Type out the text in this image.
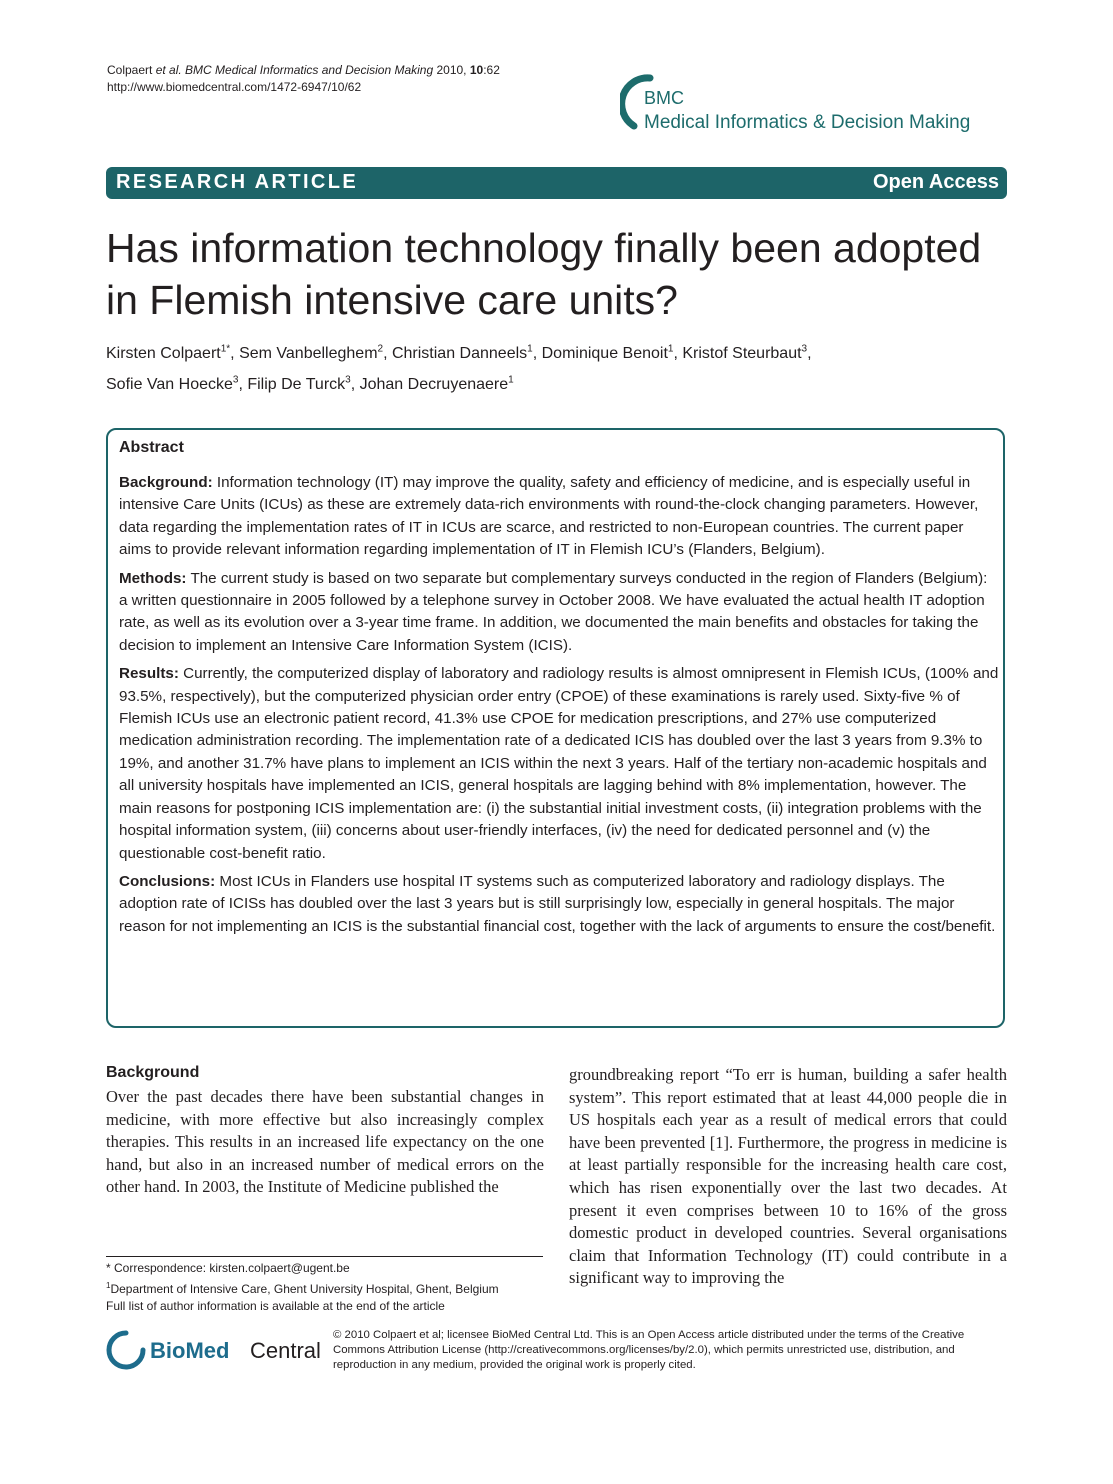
Colpaert et al. BMC Medical Informatics and Decision Making 2010, 10:62
http://www.biomedcentral.com/1472-6947/10/62
BMC
Medical Informatics & Decision Making
RESEARCH ARTICLE	Open Access
Has information technology finally been adopted
in Flemish intensive care units?
Kirsten Colpaert$^{1*}$, Sem Vanbelleghem$^2$, Christian Danneels$^1$, Dominique Benoit$^1$, Kristof Steurbaut$^3$,
Sofie Van Hoecke$^3$, Filip De Turck$^3$, Johan Decruyenaere$^1$
Abstract

Background: Information technology (IT) may improve the quality, safety and efficiency of medicine, and is especially useful in intensive Care Units (ICUs) as these are extremely data-rich environments with round-the-clock changing parameters. However, data regarding the implementation rates of IT in ICUs are scarce, and restricted to non-European countries. The current paper aims to provide relevant information regarding implementation of IT in Flemish ICU’s (Flanders, Belgium).

Methods: The current study is based on two separate but complementary surveys conducted in the region of Flanders (Belgium): a written questionnaire in 2005 followed by a telephone survey in October 2008. We have evaluated the actual health IT adoption rate, as well as its evolution over a 3-year time frame. In addition, we documented the main benefits and obstacles for taking the decision to implement an Intensive Care Information System (ICIS).

Results: Currently, the computerized display of laboratory and radiology results is almost omnipresent in Flemish ICUs, (100% and 93.5%, respectively), but the computerized physician order entry (CPOE) of these examinations is rarely used. Sixty-five % of Flemish ICUs use an electronic patient record, 41.3% use CPOE for medication prescriptions, and 27% use computerized medication administration recording. The implementation rate of a dedicated ICIS has doubled over the last 3 years from 9.3% to 19%, and another 31.7% have plans to implement an ICIS within the next 3 years. Half of the tertiary non-academic hospitals and all university hospitals have implemented an ICIS, general hospitals are lagging behind with 8% implementation, however. The main reasons for postponing ICIS implementation are: (i) the substantial initial investment costs, (ii) integration problems with the hospital information system, (iii) concerns about user-friendly interfaces, (iv) the need for dedicated personnel and (v) the questionable cost-benefit ratio.

Conclusions: Most ICUs in Flanders use hospital IT systems such as computerized laboratory and radiology displays. The adoption rate of ICISs has doubled over the last 3 years but is still surprisingly low, especially in general hospitals. The major reason for not implementing an ICIS is the substantial financial cost, together with the lack of arguments to ensure the cost/benefit.

Background
Over the past decades there have been substantial changes in medicine, with more effective but also increasingly complex therapies. This results in an increased life expectancy on the one hand, but also in an increased number of medical errors on the other hand. In 2003, the Institute of Medicine published the
groundbreaking report “To err is human, building a safer health system”. This report estimated that at least 44,000 people die in US hospitals each year as a result of medical errors that could have been prevented [1]. Furthermore, the progress in medicine is at least partially responsible for the increasing health care cost, which has risen exponentially over the last two decades. At present it even comprises between 10 to 16% of the gross domestic product in developed countries. Several organisations claim that Information Technology (IT) could contribute in a significant way to improving the
* Correspondence: kirsten.colpaert@ugent.be
$^1$Department of Intensive Care, Ghent University Hospital, Ghent, Belgium
Full list of author information is available at the end of the article
BioMed Central
© 2010 Colpaert et al; licensee BioMed Central Ltd. This is an Open Access article distributed under the terms of the Creative Commons Attribution License (http://creativecommons.org/licenses/by/2.0), which permits unrestricted use, distribution, and reproduction in any medium, provided the original work is properly cited.
